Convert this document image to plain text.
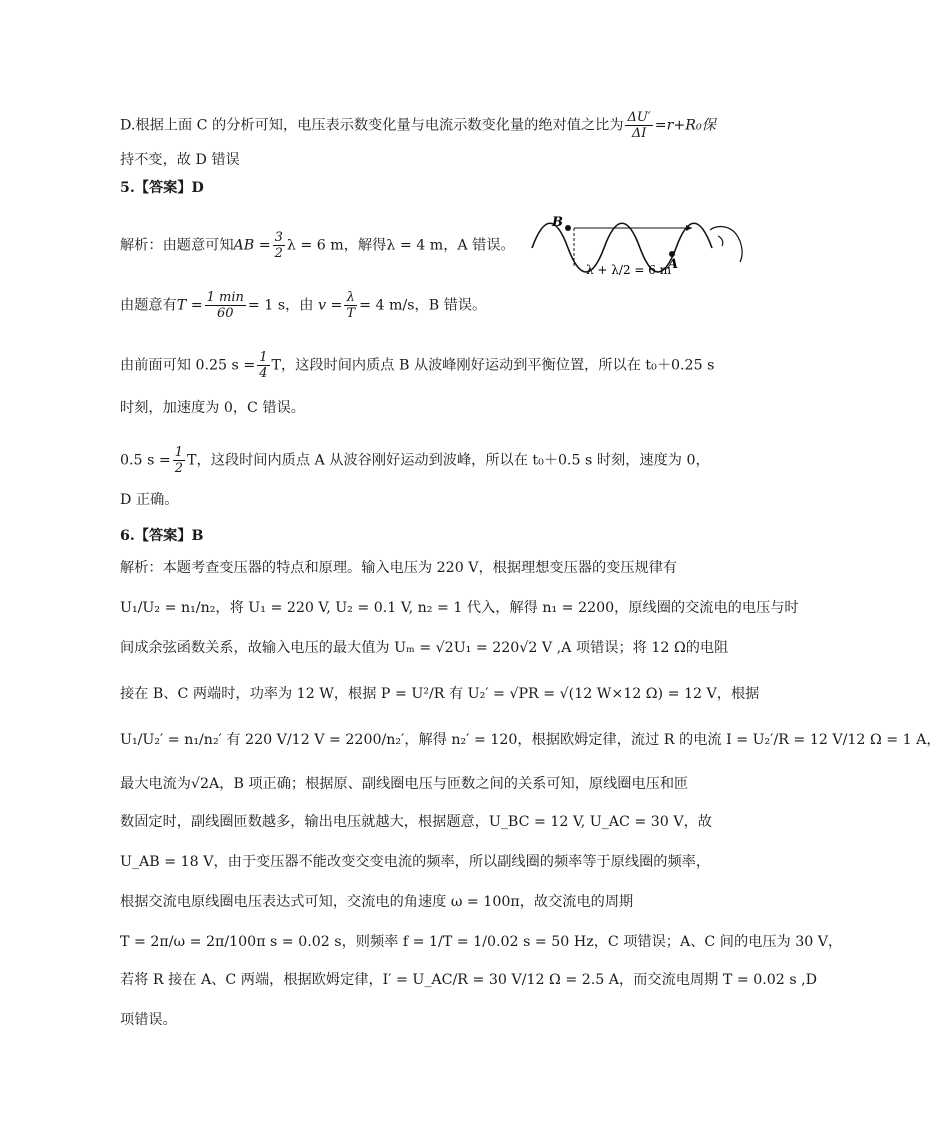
D.根据上面 C 的分析可知，电压表示数变化量与电流示数变化量的绝对值之比为 $\frac{\Delta U'}{\Delta I} =r+R_0$保
持不变，故 D 错误
5.【答案】D
解析：由题意可知AB = $\frac{3}{2}$ λ = 6 m，解得λ = 4 m，A 错误。
由题意有$T = \frac{1 \min}{60} = 1$ s，由 $v = \frac{\lambda}{T} = 4$ m/s，B 错误。
由前面可知 0.25 $s = \frac{1}{4}$ T，这段时间内质点 B 从波峰刚好运动到平衡位置，所以在 t₀＋0.25 s
时刻，加速度为 0，C 错误。
0.5 $s = \frac{1}{2}$ T，这段时间内质点 A 从波谷刚好运动到波峰，所以在 t₀＋0.5 s 时刻，速度为 0，
D 正确。
B
A
λ + λ/2 = 6 m
6.【答案】B
解析：本题考查变压器的特点和原理。输入电压为 220 V，根据理想变压器的变压规律有
U₁/U₂ = n₁/n₂，将 U₁ = 220 V, U₂ = 0.1 V, n₂ = 1 代入，解得 n₁ = 2200，原线圈的交流电的电压与时
间成余弦函数关系，故输入电压的最大值为 Uₘ = √2U₁ = 220√2 V ,A 项错误；将 12 Ω的电阻
接在 B、C 两端时，功率为 12 W，根据 P = U²/R 有 U₂′ = √PR = √(12 W×12 Ω) = 12 V，根据
U₁/U₂′ = n₁/n₂′ 有 220 V/12 V = 2200/n₂′，解得 n₂′ = 120，根据欧姆定律，流过 R 的电流 I = U₂′/R = 12 V/12 Ω = 1 A，
最大电流为√2A，B 项正确；根据原、副线圈电压与匝数之间的关系可知，原线圈电压和匝
数固定时，副线圈匝数越多，输出电压就越大，根据题意，U_BC = 12 V, U_AC = 30 V，故
U_AB = 18 V，由于变压器不能改变交变电流的频率，所以副线圈的频率等于原线圈的频率，
根据交流电原线圈电压表达式可知，交流电的角速度 ω = 100π，故交流电的周期
T = 2π/ω = 2π/100π s = 0.02 s，则频率 f = 1/T = 1/0.02 s = 50 Hz，C 项错误；A、C 间的电压为 30 V，
若将 R 接在 A、C 两端，根据欧姆定律，I′ = U_AC/R = 30 V/12 Ω = 2.5 A，而交流电周期 T = 0.02 s ,D
项错误。
